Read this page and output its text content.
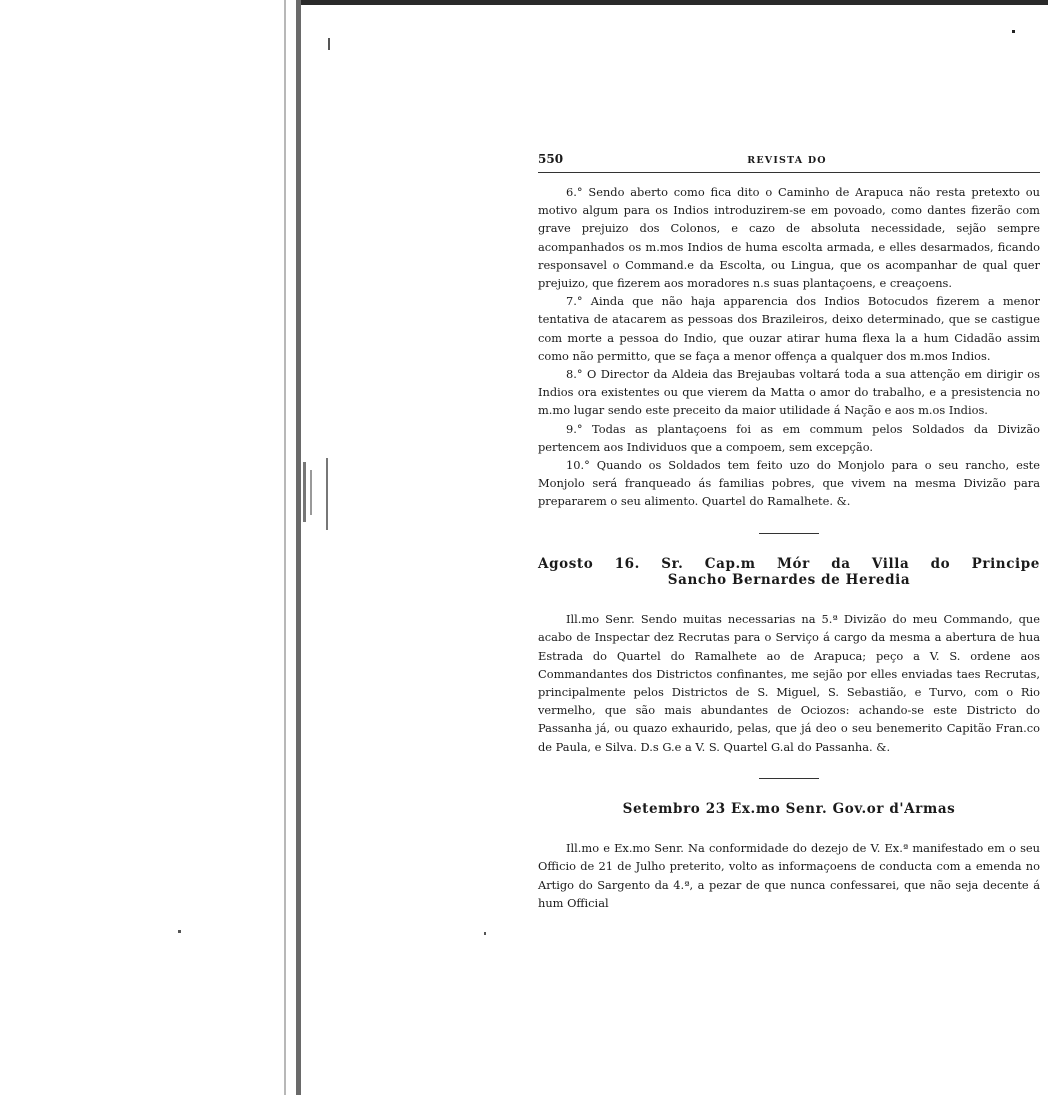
550	REVISTA DO

6.° Sendo aberto como fica dito o Caminho de Arapuca não resta pretexto ou motivo algum para os Indios introduzirem-se em povoado, como dantes fizerão com grave prejuizo dos Colonos, e cazo de absoluta necessidade, sejão sempre acompanhados os m.mos Indios de huma escolta armada, e elles desarmados, ficando responsavel o Command.e da Escolta, ou Lingua, que os acompanhar de qual quer prejuizo, que fizerem aos moradores n.s suas plantaçoens, e creaçoens.

7.° Ainda que não haja apparencia dos Indios Botocudos fizerem a menor tentativa de atacarem as pessoas dos Brazileiros, deixo determinado, que se castigue com morte a pessoa do Indio, que ouzar atirar huma flexa la a hum Cidadão assim como não permitto, que se faça a menor offença a qualquer dos m.mos Indios.

8.° O Director da Aldeia das Brejaubas voltará toda a sua attenção em dirigir os Indios ora existentes ou que vierem da Matta o amor do trabalho, e a presistencia no m.mo lugar sendo este preceito da maior utilidade á Nação e aos m.os Indios.

9.° Todas as plantaçoens foi as em commum pelos Soldados da Divizão pertencem aos Individuos que a compoem, sem excepção.

10.° Quando os Soldados tem feito uzo do Monjolo para o seu rancho, este Monjolo será franqueado ás familias pobres, que vivem na mesma Divizão para prepararem o seu alimento. Quartel do Ramalhete. &.

Agosto 16. Sr. Cap.m Mór da Villa do Principe
Sancho Bernardes de Heredia

Ill.mo Senr. Sendo muitas necessarias na 5.ª Divizão do meu Commando, que acabo de Inspectar dez Recrutas para o Serviço á cargo da mesma a abertura de hua Estrada do Quartel do Ramalhete ao de Arapuca; peço a V. S. ordene aos Commandantes dos Districtos confinantes, me sejão por elles enviadas taes Recrutas, principalmente pelos Districtos de S. Miguel, S. Sebastião, e Turvo, com o Rio vermelho, que são mais abundantes de Ociozos: achando-se este Districto do Passanha já, ou quazo exhaurido, pelas, que já deo o seu benemerito Capitão Fran.co de Paula, e Silva. D.s G.e a V. S. Quartel G.al do Passanha. &.

Setembro 23 Ex.mo Senr. Gov.or d'Armas

Ill.mo e Ex.mo Senr. Na conformidade do dezejo de V. Ex.ª manifestado em o seu Officio de 21 de Julho preterito, volto as informaçoens de conducta com a emenda no Artigo do Sargento da 4.ª, a pezar de que nunca confessarei, que não seja decente á hum Official
